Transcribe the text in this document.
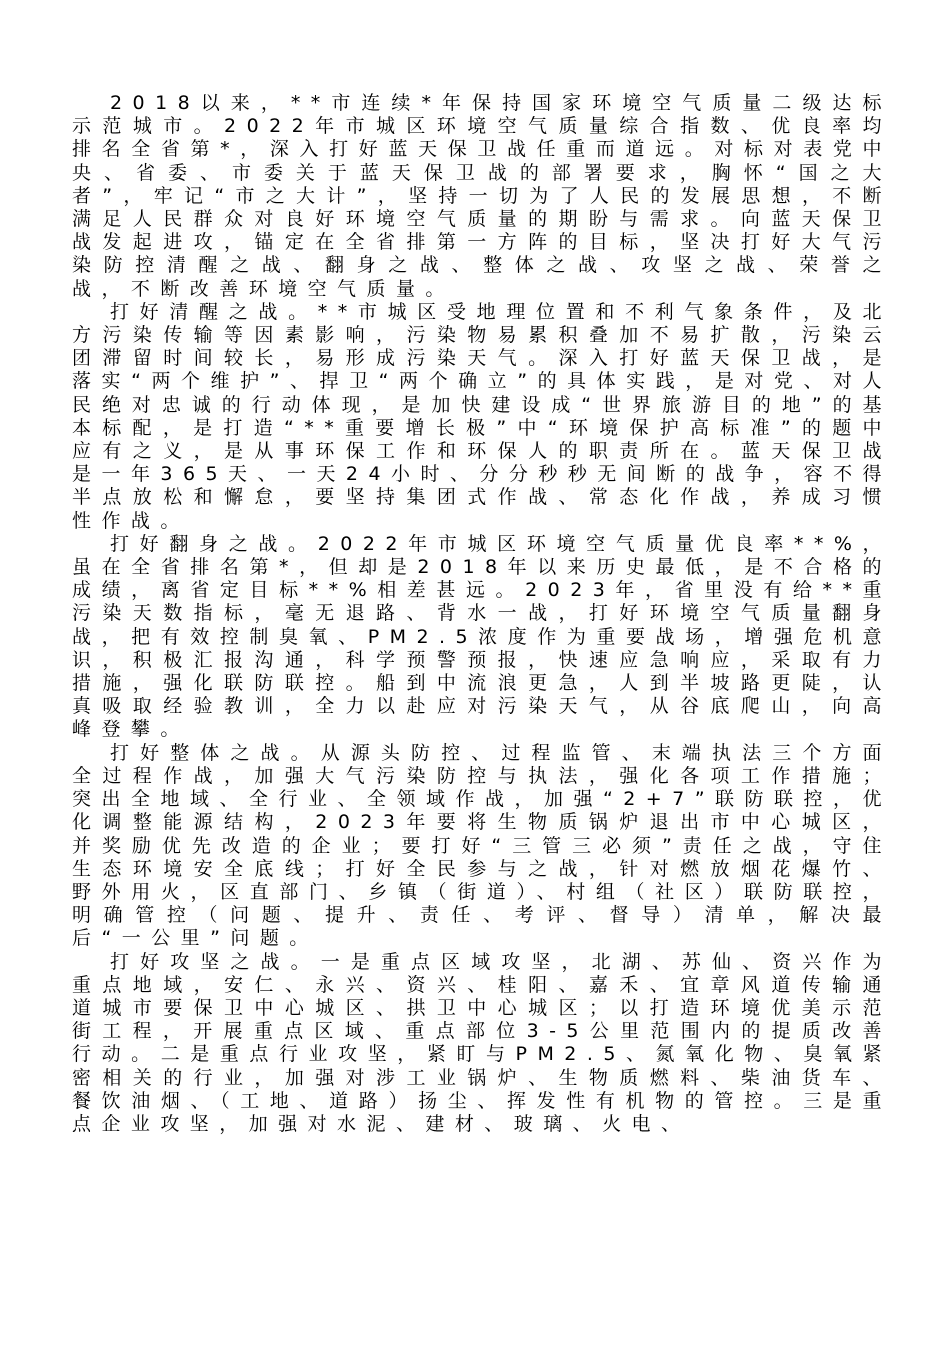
2018以来，**市连续*年保持国家环境空气质量二级达标示范城市。2022年市城区环境空气质量综合指数、优良率均排名全省第*，深入打好蓝天保卫战任重而道远。对标对表党中央、省委、市委关于蓝天保卫战的部署要求，胸怀“国之大者”，牢记“市之大计”，坚持一切为了人民的发展思想，不断满足人民群众对良好环境空气质量的期盼与需求。向蓝天保卫战发起进攻，锚定在全省排第一方阵的目标，坚决打好大气污染防控清醒之战、翻身之战、整体之战、攻坚之战、荣誉之战，不断改善环境空气质量。

打好清醒之战。**市城区受地理位置和不利气象条件，及北方污染传输等因素影响，污染物易累积叠加不易扩散，污染云团滞留时间较长，易形成污染天气。深入打好蓝天保卫战，是落实“两个维护”、捍卫“两个确立”的具体实践，是对党、对人民绝对忠诚的行动体现，是加快建设成“世界旅游目的地”的基本标配，是打造“**重要增长极”中“环境保护高标准”的题中应有之义，是从事环保工作和环保人的职责所在。蓝天保卫战是一年365天、一天24小时、分分秒秒无间断的战争，容不得半点放松和懈怠，要坚持集团式作战、常态化作战，养成习惯性作战。

打好翻身之战。2022年市城区环境空气质量优良率**%，虽在全省排名第*，但却是2018年以来历史最低，是不合格的成绩，离省定目标**%相差甚远。2023年，省里没有给**重污染天数指标，毫无退路、背水一战，打好环境空气质量翻身战，把有效控制臭氧、PM2.5浓度作为重要战场，增强危机意识，积极汇报沟通，科学预警预报，快速应急响应，采取有力措施，强化联防联控。船到中流浪更急，人到半坡路更陡，认真吸取经验教训，全力以赴应对污染天气，从谷底爬山，向高峰登攀。

打好整体之战。从源头防控、过程监管、末端执法三个方面全过程作战，加强大气污染防控与执法，强化各项工作措施；突出全地域、全行业、全领域作战，加强“2+7”联防联控，优化调整能源结构，2023年要将生物质锅炉退出市中心城区，并奖励优先改造的企业；要打好“三管三必须”责任之战，守住生态环境安全底线；打好全民参与之战，针对燃放烟花爆竹、野外用火，区直部门、乡镇（街道）、村组（社区）联防联控，明确管控（问题、提升、责任、考评、督导）清单，解决最后“一公里”问题。

打好攻坚之战。一是重点区域攻坚，北湖、苏仙、资兴作为重点地域，安仁、永兴、资兴、桂阳、嘉禾、宜章风道传输通道城市要保卫中心城区、拱卫中心城区；以打造环境优美示范街工程，开展重点区域、重点部位3-5公里范围内的提质改善行动。二是重点行业攻坚，紧盯与PM2.5、氮氧化物、臭氧紧密相关的行业，加强对涉工业锅炉、生物质燃料、柴油货车、餐饮油烟、（工地、道路）扬尘、挥发性有机物的管控。三是重点企业攻坚，加强对水泥、建材、玻璃、火电、
